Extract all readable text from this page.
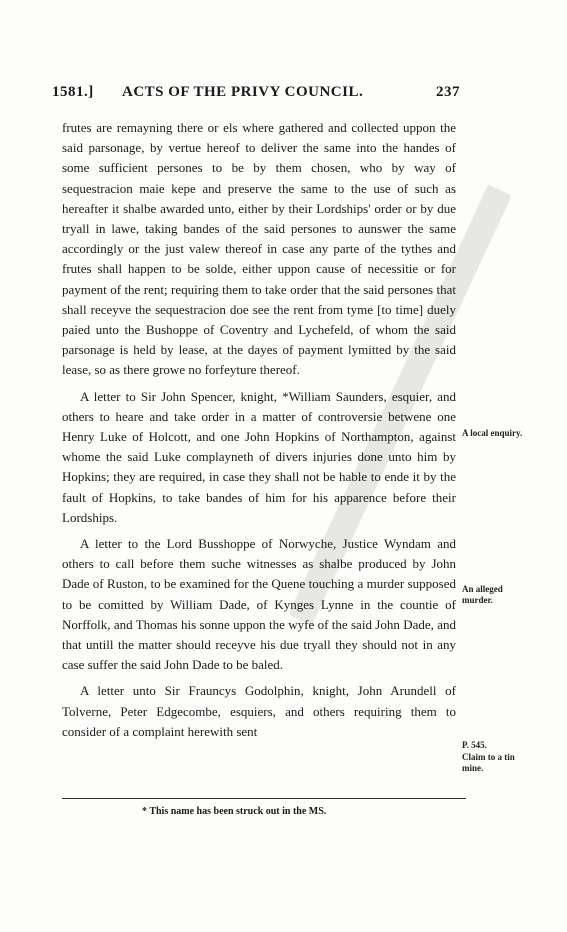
1581.] ACTS OF THE PRIVY COUNCIL.	237

frutes are remayning there or els where gathered and collected uppon the said parsonage, by vertue hereof to deliver the same into the handes of some sufficient persones to be by them chosen, who by way of sequestracion maie kepe and preserve the same to the use of such as hereafter it shalbe awarded unto, either by their Lordships' order or by due tryall in lawe, taking bandes of the said persones to aunswer the same accordingly or the just valew thereof in case any parte of the tythes and frutes shall happen to be solde, either uppon cause of necessitie or for payment of the rent; requiring them to take order that the said persones that shall receyve the sequestracion doe see the rent from tyme [to time] duely paied unto the Bushoppe of Coventry and Lychefeld, of whom the said parsonage is held by lease, at the dayes of payment lymitted by the said lease, so as there growe no forfeyture thereof.

A letter to Sir John Spencer, knight, *William Saunders, esquier, and others to heare and take order in a matter of controversie betwene one Henry Luke of Holcott, and one John Hopkins of Northampton, against whome the said Luke complayneth of divers injuries done unto him by Hopkins; they are required, in case they shall not be hable to ende it by the fault of Hopkins, to take bandes of him for his apparence before their Lordships.

A letter to the Lord Busshoppe of Norwyche, Justice Wyndam and others to call before them suche witnesses as shalbe produced by John Dade of Ruston, to be examined for the Quene touching a murder supposed to be comitted by William Dade, of Kynges Lynne in the countie of Norffolk, and Thomas his sonne uppon the wyfe of the said John Dade, and that untill the matter should receyve his due tryall they should not in any case suffer the said John Dade to be baled.

A letter unto Sir Frauncys Godolphin, knight, John Arundell of Tolverne, Peter Edgecombe, esquiers, and others requiring them to consider of a complaint herewith sent

A local enquiry.
An alleged murder.
P. 545.
Claim to a tin mine.
* This name has been struck out in the MS.
